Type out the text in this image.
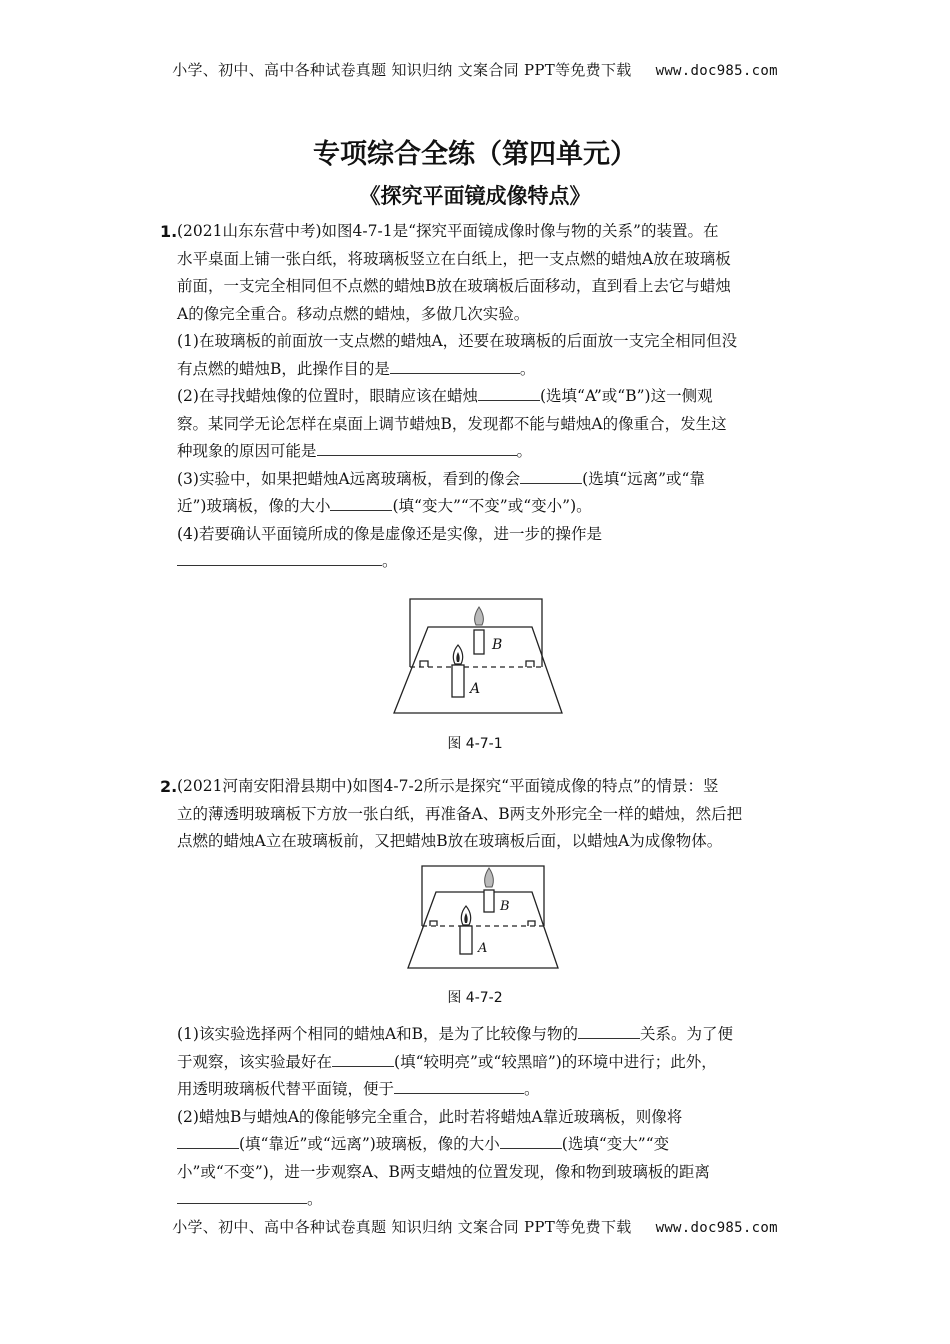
小学、初中、高中各种试卷真题 知识归纳 文案合同 PPT等免费下载 www.doc985.com
专项综合全练（第四单元）
《探究平面镜成像特点》
1. (2021山东东营中考)如图4-7-1是“探究平面镜成像时像与物的关系”的装置。在

水平桌面上铺一张白纸，将玻璃板竖立在白纸上，把一支点燃的蜡烛A放在玻璃板

前面，一支完全相同但不点燃的蜡烛B放在玻璃板后面移动，直到看上去它与蜡烛

A的像完全重合。移动点燃的蜡烛，多做几次实验。

(1)在玻璃板的前面放一支点燃的蜡烛A，还要在玻璃板的后面放一支完全相同但没

有点燃的蜡烛B，此操作目的是	。

(2)在寻找蜡烛像的位置时，眼睛应该在蜡烛	(选填“A”或“B”)这一侧观

察。某同学无论怎样在桌面上调节蜡烛B，发现都不能与蜡烛A的像重合，发生这

种现象的原因可能是	。

(3)实验中，如果把蜡烛A远离玻璃板，看到的像会	(选填“远离”或“靠

近”)玻璃板，像的大小	(填“变大”“不变”或“变小”)。

(4)若要确认平面镜所成的像是虚像还是实像，进一步的操作是

。

B
A
图 4-7-1
2. (2021河南安阳滑县期中)如图4-7-2所示是探究“平面镜成像的特点”的情景：竖

立的薄透明玻璃板下方放一张白纸，再准备A、B两支外形完全一样的蜡烛，然后把

点燃的蜡烛A立在玻璃板前，又把蜡烛B放在玻璃板后面，以蜡烛A为成像物体。

B
A
图 4-7-2

(1)该实验选择两个相同的蜡烛A和B，是为了比较像与物的	关系。为了便

于观察，该实验最好在	(填“较明亮”或“较黑暗”)的环境中进行；此外，

用透明玻璃板代替平面镜，便于	。

(2)蜡烛B与蜡烛A的像能够完全重合，此时若将蜡烛A靠近玻璃板，则像将

(填“靠近”或“远离”)玻璃板，像的大小	(选填“变大”“变

小”或“不变”)，进一步观察A、B两支蜡烛的位置发现，像和物到玻璃板的距离

。

小学、初中、高中各种试卷真题 知识归纳 文案合同 PPT等免费下载 www.doc985.com
